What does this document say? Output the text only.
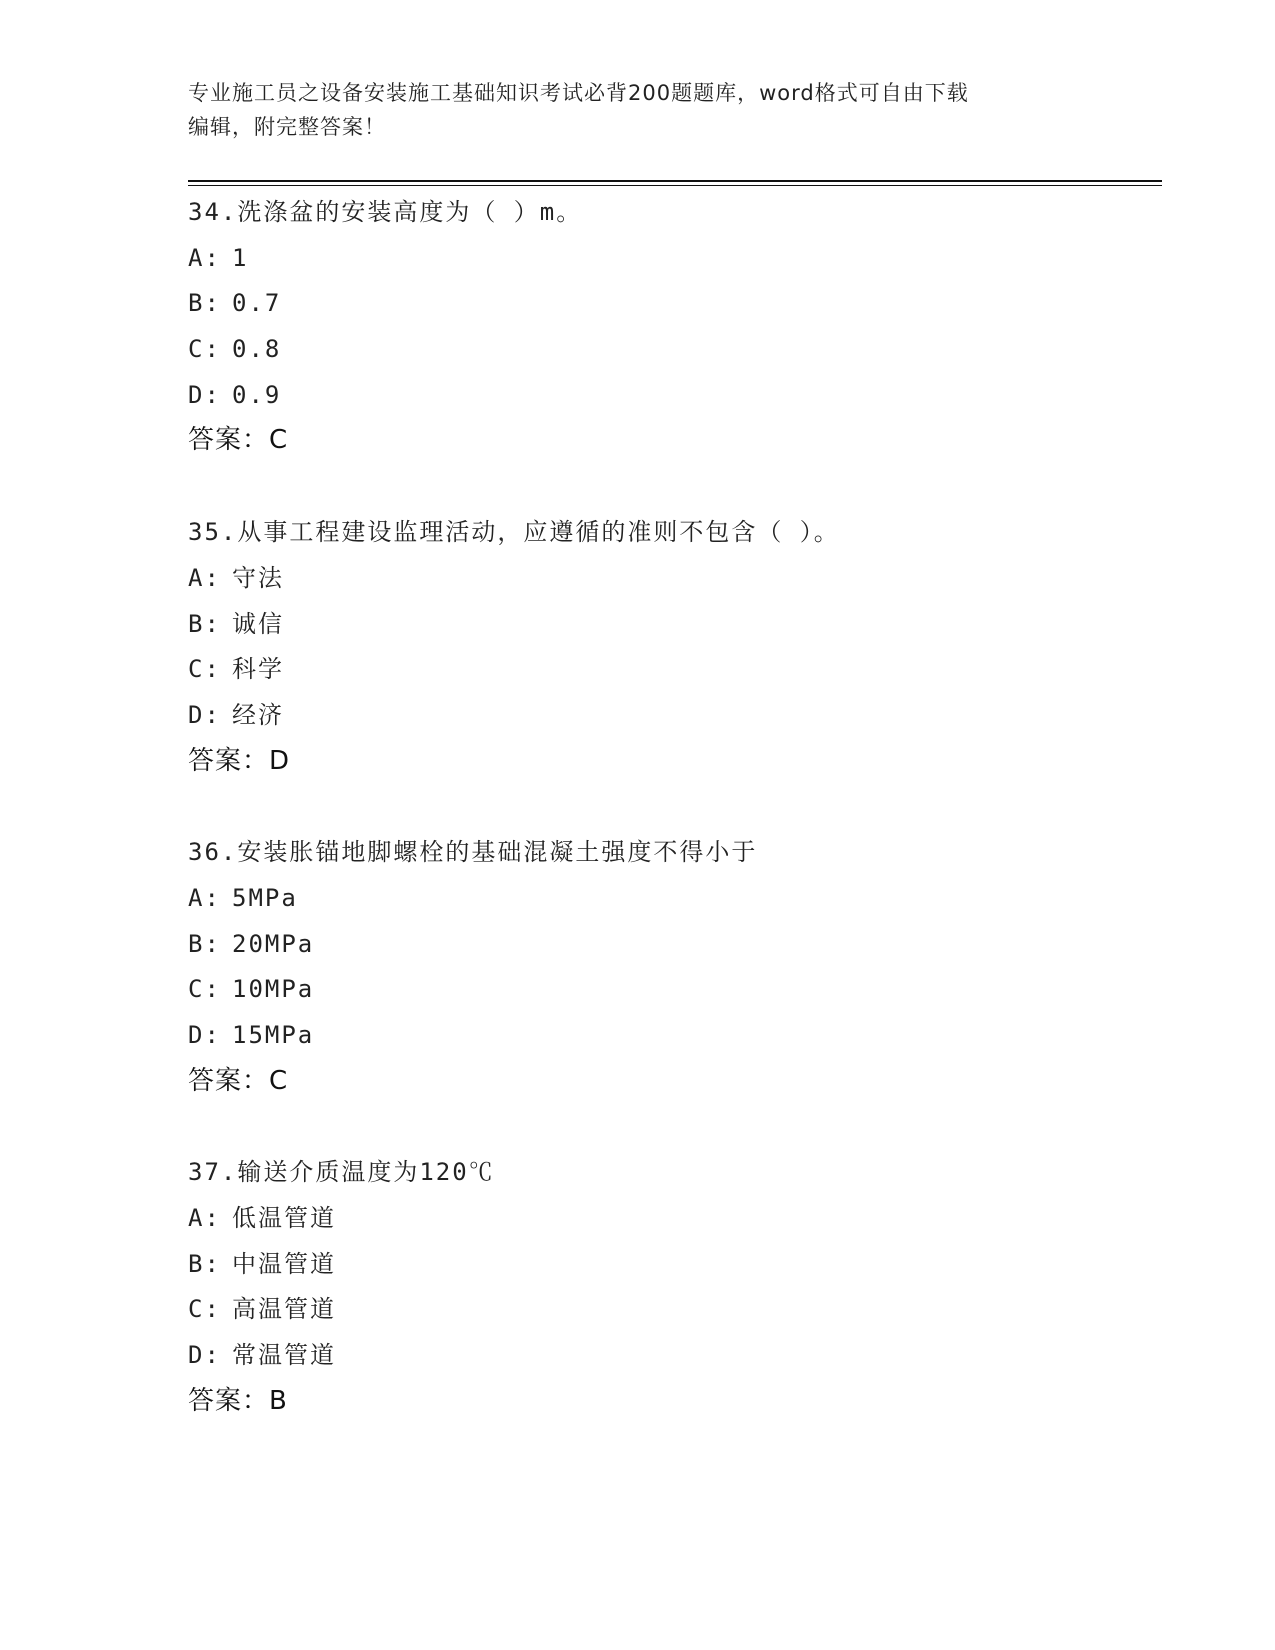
专业施工员之设备安装施工基础知识考试必背200题题库，word格式可自由下载
编辑，附完整答案！
34.洗涤盆的安装高度为（ ）m。
A: 1
B: 0.7
C: 0.8
D: 0.9
答案：C
35.从事工程建设监理活动，应遵循的准则不包含（ ）。
A: 守法
B: 诚信
C: 科学
D: 经济
答案：D
36.安装胀锚地脚螺栓的基础混凝土强度不得小于
A: 5MPa
B: 20MPa
C: 10MPa
D: 15MPa
答案：C
37.输送介质温度为120℃
A: 低温管道
B: 中温管道
C: 高温管道
D: 常温管道
答案：B
